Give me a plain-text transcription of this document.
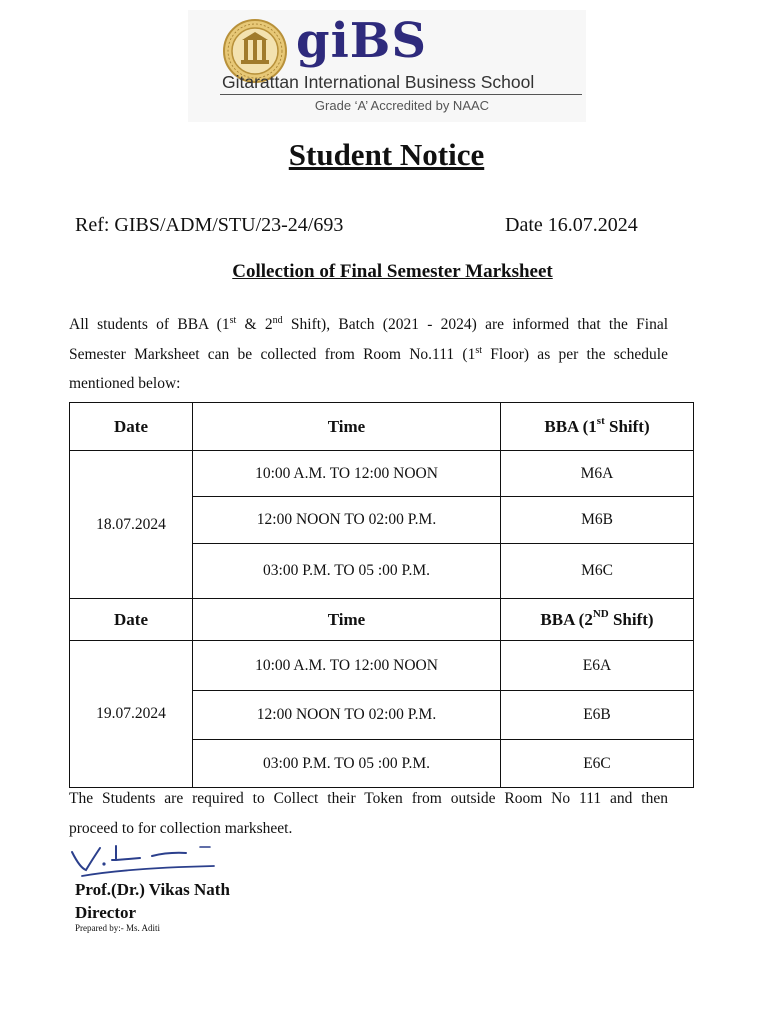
giBS
Gitarattan International Business School
Grade ‘A’ Accredited by NAAC
Student Notice
Ref: GIBS/ADM/STU/23-24/693	Date 16.07.2024
Collection of Final Semester Marksheet
All students of BBA (1st & 2nd Shift), Batch (2021 - 2024) are informed that the Final
Semester Marksheet can be collected from Room No.111 (1st Floor) as per the schedule
mentioned below:
Date	Time	BBA (1st Shift)
18.07.2024	10:00 A.M. TO 12:00 NOON	M6A
	12:00 NOON TO 02:00 P.M.	M6B
	03:00 P.M. TO 05 :00 P.M.	M6C
Date	Time	BBA (2ND Shift)
19.07.2024	10:00 A.M. TO 12:00 NOON	E6A
	12:00 NOON TO 02:00 P.M.	E6B
	03:00 P.M. TO 05 :00 P.M.	E6C
The Students are required to Collect their Token from outside Room No 111 and then
proceed to for collection marksheet.
Prof.(Dr.) Vikas Nath
Director
Prepared by:- Ms. Aditi
